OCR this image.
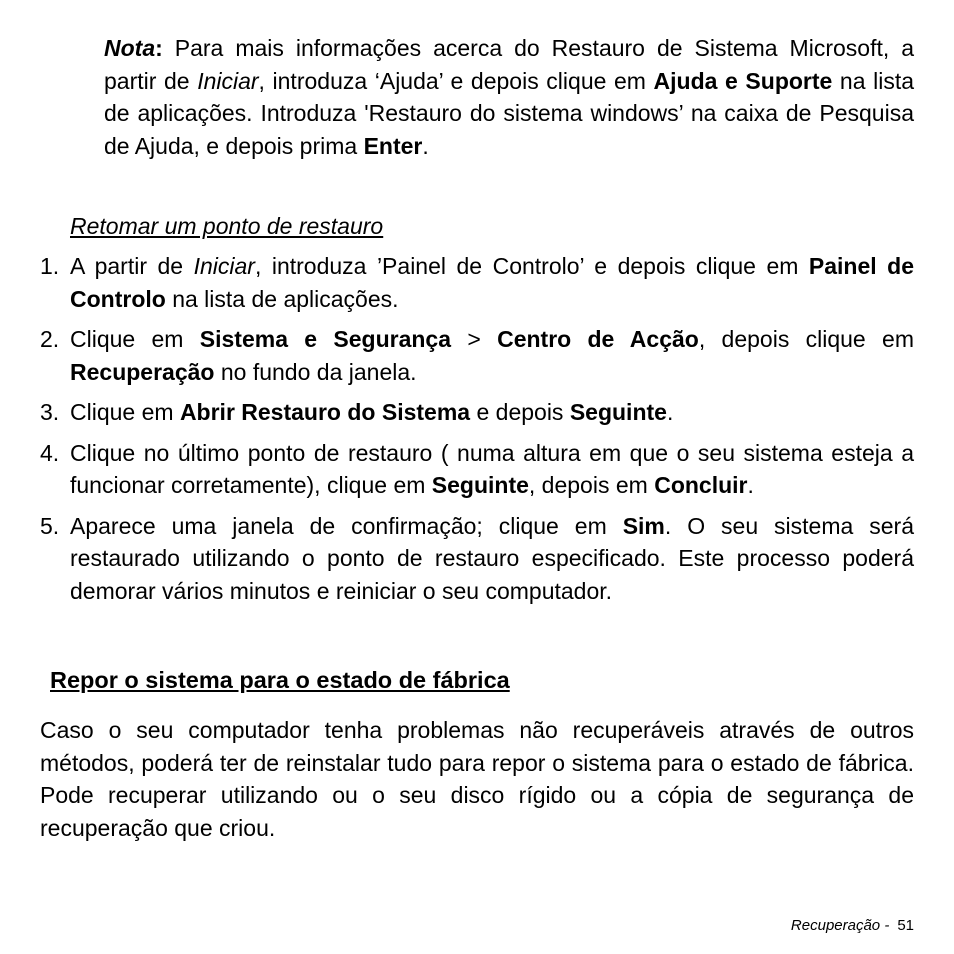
Nota: Para mais informações acerca do Restauro de Sistema Microsoft, a partir de Iniciar, introduza ‘Ajuda’ e depois clique em Ajuda e Suporte na lista de aplicações. Introduza 'Restauro do sistema windows’ na caixa de Pesquisa de Ajuda, e depois prima Enter.
Retomar um ponto de restauro
1. A partir de Iniciar, introduza ’Painel de Controlo’ e depois clique em Painel de Controlo na lista de aplicações.
2. Clique em Sistema e Segurança > Centro de Acção, depois clique em Recuperação no fundo da janela.
3. Clique em Abrir Restauro do Sistema e depois Seguinte.
4. Clique no último ponto de restauro ( numa altura em que o seu sistema esteja a funcionar corretamente), clique em Seguinte, depois em Concluir.
5. Aparece uma janela de confirmação; clique em Sim. O seu sistema será restaurado utilizando o ponto de restauro especificado. Este processo poderá demorar vários minutos e reiniciar o seu computador.
Repor o sistema para o estado de fábrica
Caso o seu computador tenha problemas não recuperáveis através de outros métodos, poderá ter de reinstalar tudo para repor o sistema para o estado de fábrica. Pode recuperar utilizando ou o seu disco rígido ou a cópia de segurança de recuperação que criou.
Recuperação - 51
